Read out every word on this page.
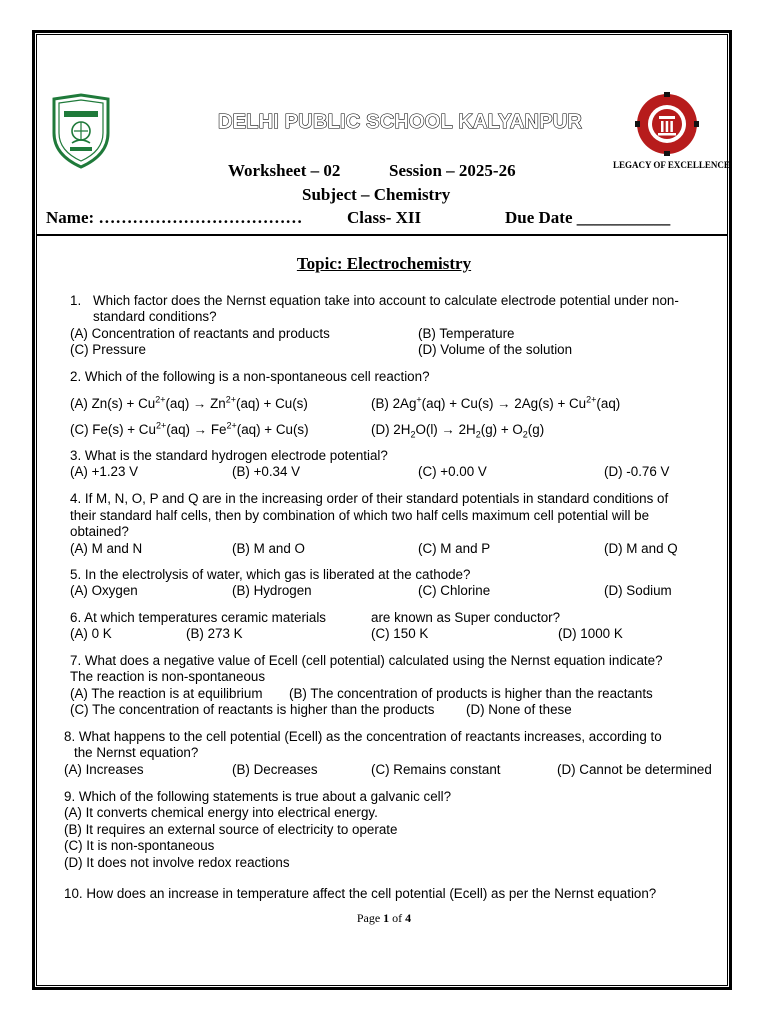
DELHI PUBLIC SCHOOL KALYANPUR
LEGACY OF EXCELLENCE
Worksheet – 02	Session – 2025-26
Subject – Chemistry
Name: ………………………………	Class- XII	Due Date ___________
Topic: Electrochemistry
1. Which factor does the Nernst equation take into account to calculate electrode potential under non-
standard conditions?
(A) Concentration of reactants and products	(B) Temperature
(C) Pressure	(D) Volume of the solution
2. Which of the following is a non-spontaneous cell reaction?
(A) $Zn(s) + Cu^{2+}(aq) \to Zn^{2+}(aq) + Cu(s)$	(B) $2Ag^+(aq) + Cu(s) \to 2Ag(s) + Cu^{2+}(aq)$
(C) $Fe(s) + Cu^{2+}(aq) \to Fe^{2+}(aq) + Cu(s)$	(D) $2H_2O(l) \to 2H_2(g) + O_2(g)$
3. What is the standard hydrogen electrode potential?
(A) +1.23 V	(B) +0.34 V	(C) +0.00 V	(D) -0.76 V
4. If M, N, O, P and Q are in the increasing order of their standard potentials in standard conditions of
their standard half cells, then by combination of which two half cells maximum cell potential will be
obtained?
(A) M and N	(B) M and O	(C) M and P	(D) M and Q
5. In the electrolysis of water, which gas is liberated at the cathode?
(A) Oxygen	(B) Hydrogen	(C) Chlorine	(D) Sodium
6. At which temperatures ceramic materials	are known as Super conductor?
(A) 0 K	(B) 273 K	(C) 150 K	(D) 1000 K
7. What does a negative value of Ecell (cell potential) calculated using the Nernst equation indicate?
The reaction is non-spontaneous
(A) The reaction is at equilibrium (B) The concentration of products is higher than the reactants
(C) The concentration of reactants is higher than the products (D) None of these
8. What happens to the cell potential (Ecell) as the concentration of reactants increases, according to
the Nernst equation?
(A) Increases	(B) Decreases	(C) Remains constant	(D) Cannot be determined
9. Which of the following statements is true about a galvanic cell?
(A) It converts chemical energy into electrical energy.
(B) It requires an external source of electricity to operate
(C) It is non-spontaneous
(D) It does not involve redox reactions
10. How does an increase in temperature affect the cell potential (Ecell) as per the Nernst equation?
Page 1 of 4
